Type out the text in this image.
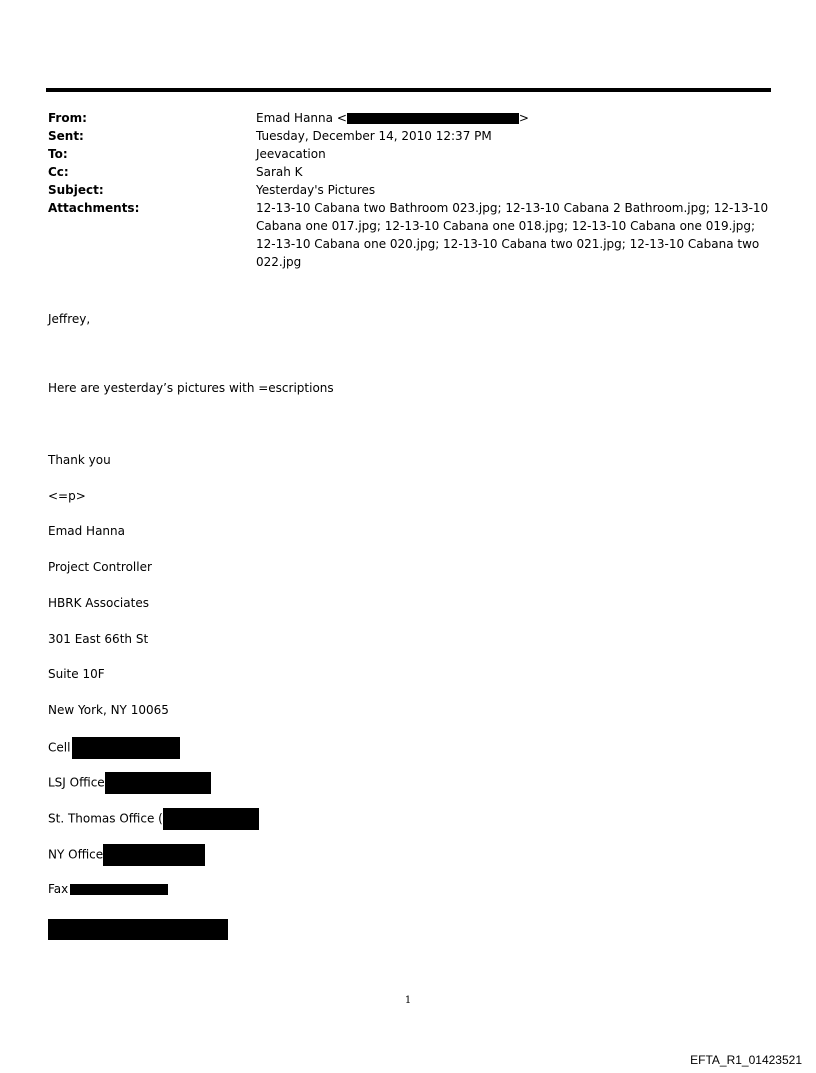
From:	Emad Hanna <	>
Sent:	Tuesday, December 14, 2010 12:37 PM
To:	Jeevacation
Cc:	Sarah K
Subject:	Yesterday's Pictures
Attachments:	12-13-10 Cabana two Bathroom 023.jpg; 12-13-10 Cabana 2 Bathroom.jpg; 12-13-10 Cabana one 017.jpg; 12-13-10 Cabana one 018.jpg; 12-13-10 Cabana one 019.jpg; 12-13-10 Cabana one 020.jpg; 12-13-10 Cabana two 021.jpg; 12-13-10 Cabana two 022.jpg
Jeffrey,
Here are yesterday’s pictures with =escriptions
Thank you
<=p>
Emad Hanna
Project Controller
HBRK Associates
301 East 66th St
Suite 10F
New York, NY 10065
Cell
LSJ Office
St. Thomas Office (
NY Office
Fax
1
EFTA_R1_01423521
